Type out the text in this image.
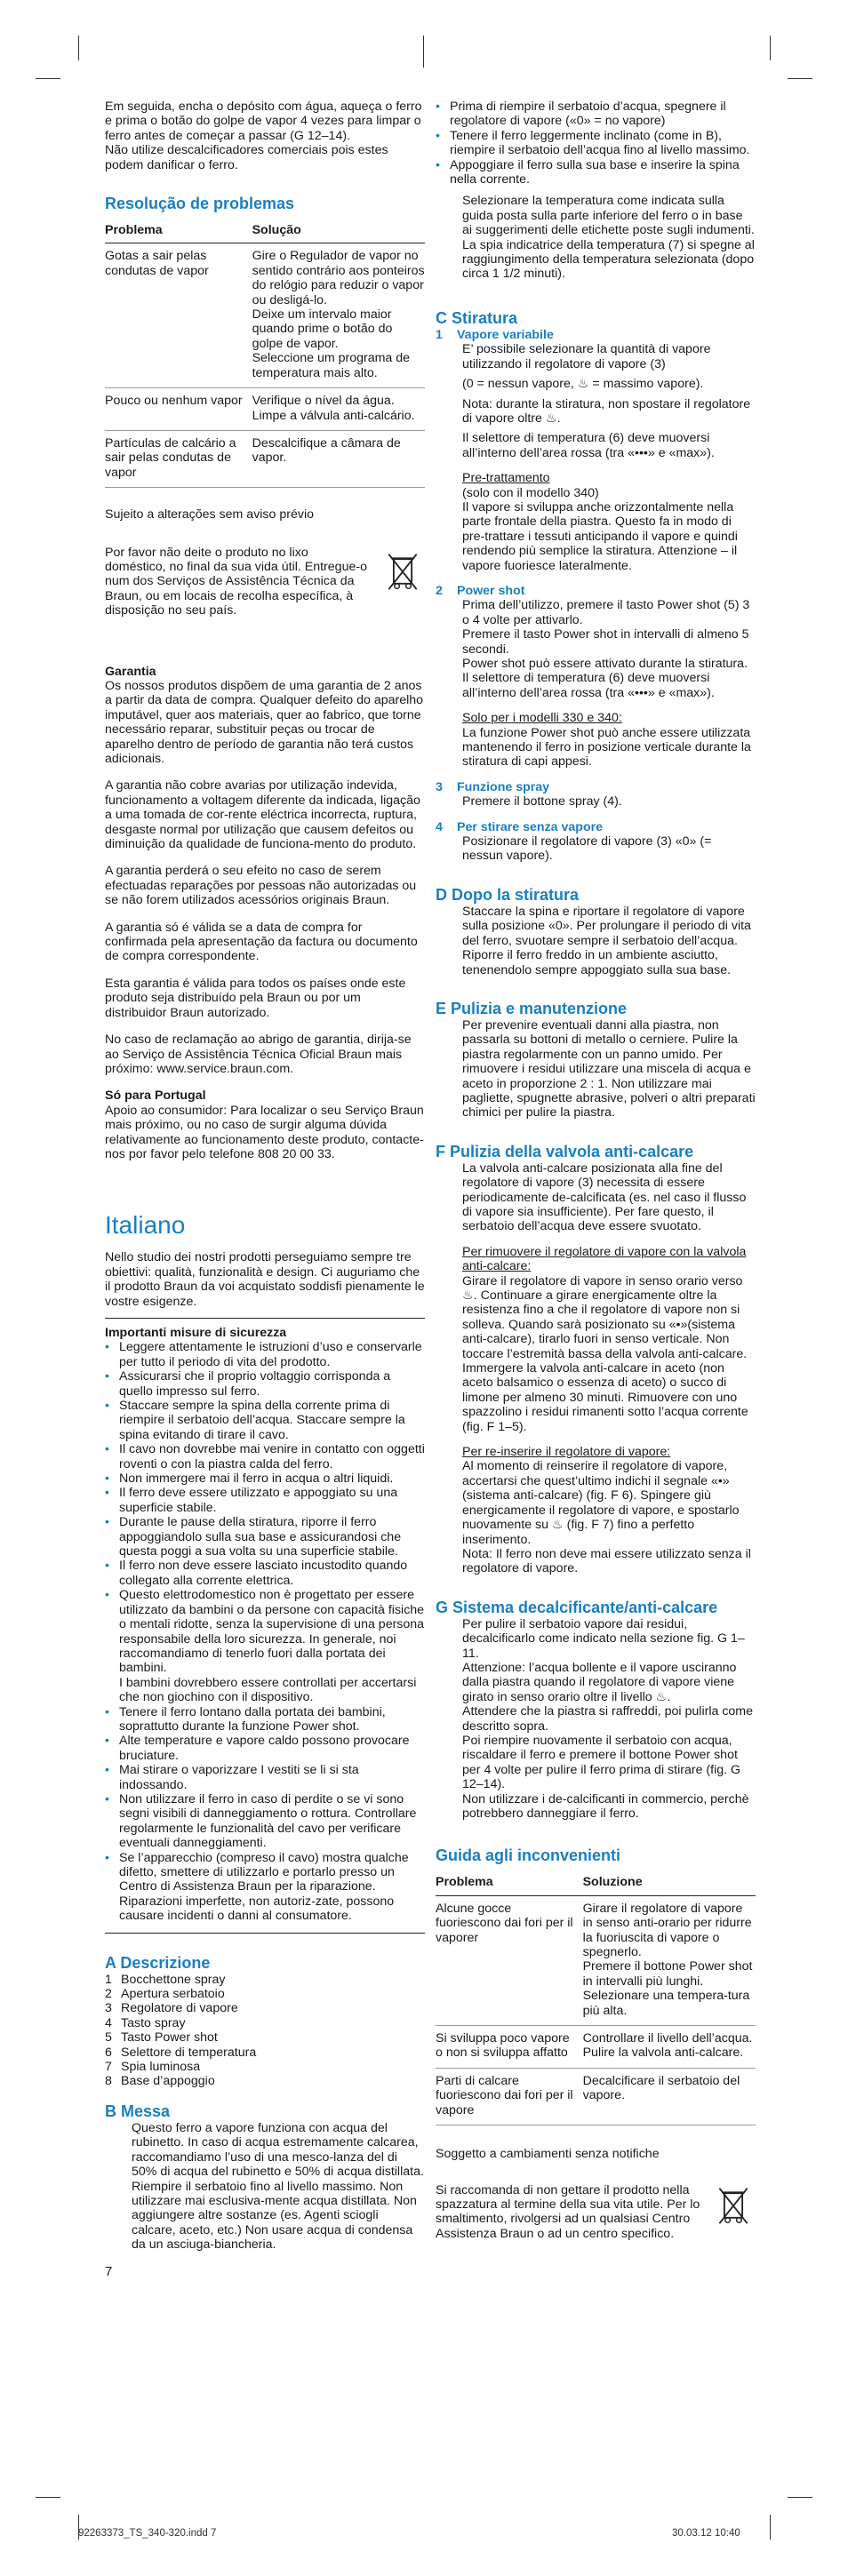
Em seguida, encha o depósito com água, aqueça o ferro e prima o botão do golpe de vapor 4 vezes para limpar o ferro antes de começar a passar (G 12–14).
Não utilize descalcificadores comerciais pois estes podem danificar o ferro.
Resolução de problemas
Problema	Solução
Gotas a sair pelas condutas de vapor	Gire o Regulador de vapor no sentido contrário aos ponteiros do relógio para reduzir o vapor ou desligá-lo.
Deixe um intervalo maior quando prime o botão do golpe de vapor.
Seleccione um programa de temperatura mais alto.
Pouco ou nenhum vapor	Verifique o nível da água. Limpe a válvula anti-calcário.
Partículas de calcário a sair pelas condutas de vapor	Descalcifique a câmara de vapor.
Sujeito a alterações sem aviso prévio
Por favor não deite o produto no lixo doméstico, no final da sua vida útil. Entregue-o num dos Serviços de Assistência Técnica da Braun, ou em locais de recolha específica, à disposição no seu país.
Garantia
Os nossos produtos dispõem de uma garantia de 2 anos a partir da data de compra. Qualquer defeito do aparelho imputável, quer aos materiais, quer ao fabrico, que torne necessário reparar, substituir peças ou trocar de aparelho dentro de período de garantia não terá custos adicionais.
A garantia não cobre avarias por utilização indevida, funcionamento a voltagem diferente da indicada, ligação a uma tomada de cor-rente eléctrica incorrecta, ruptura, desgaste normal por utilização que causem defeitos ou diminuição da qualidade de funciona-mento do produto.
A garantia perderá o seu efeito no caso de serem efectuadas reparações por pessoas não autorizadas ou se não forem utilizados acessórios originais Braun.
A garantia só é válida se a data de compra for confirmada pela apresentação da factura ou documento de compra correspondente.
Esta garantia é válida para todos os países onde este produto seja distribuído pela Braun ou por um distribuidor Braun autorizado.
No caso de reclamação ao abrigo de garantia, dirija-se ao Serviço de Assistência Técnica Oficial Braun mais próximo: www.service.braun.com.
Só para Portugal
Apoio ao consumidor: Para localizar o seu Serviço Braun mais próximo, ou no caso de surgir alguma dúvida relativamente ao funcionamento deste produto, contacte-nos por favor pelo telefone 808 20 00 33.
Italiano
Nello studio dei nostri prodotti perseguiamo sempre tre obiettivi: qualità, funzionalità e design. Ci auguriamo che il prodotto Braun da voi acquistato soddisfi pienamente le vostre esigenze.
Importanti misure di sicurezza
• Leggere attentamente le istruzioni d’uso e conservarle per tutto il periodo di vita del prodotto.
• Assicurarsi che il proprio voltaggio corrisponda a quello impresso sul ferro.
• Staccare sempre la spina della corrente prima di riempire il serbatoio dell’acqua. Staccare sempre la spina evitando di tirare il cavo.
• Il cavo non dovrebbe mai venire in contatto con oggetti roventi o con la piastra calda del ferro.
• Non immergere mai il ferro in acqua o altri liquidi.
• Il ferro deve essere utilizzato e appoggiato su una superficie stabile.
• Durante le pause della stiratura, riporre il ferro appoggiandolo sulla sua base e assicurandosi che questa poggi a sua volta su una superficie stabile.
• Il ferro non deve essere lasciato incustodito quando collegato alla corrente elettrica.
• Questo elettrodomestico non è progettato per essere utilizzato da bambini o da persone con capacità fisiche o mentali ridotte, senza la supervisione di una persona responsabile della loro sicurezza. In generale, noi raccomandiamo di tenerlo fuori dalla portata dei bambini.
I bambini dovrebbero essere controllati per accertarsi che non giochino con il dispositivo.
• Tenere il ferro lontano dalla portata dei bambini, soprattutto durante la funzione Power shot.
• Alte temperature e vapore caldo possono provocare bruciature.
• Mai stirare o vaporizzare I vestiti se li si sta indossando.
• Non utilizzare il ferro in caso di perdite o se vi sono segni visibili di danneggiamento o rottura. Controllare regolarmente le funzionalità del cavo per verificare eventuali danneggiamenti.
• Se l’apparecchio (compreso il cavo) mostra qualche difetto, smettere di utilizzarlo e portarlo presso un Centro di Assistenza Braun per la riparazione. Riparazioni imperfette, non autoriz-zate, possono causare incidenti o danni al consumatore.
A Descrizione
1 Bocchettone spray
2 Apertura serbatoio
3 Regolatore di vapore
4 Tasto spray
5 Tasto Power shot
6 Selettore di temperatura
7 Spia luminosa
8 Base d’appoggio
B Messa
Questo ferro a vapore funziona con acqua del rubinetto. In caso di acqua estremamente calcarea, raccomandiamo l’uso di una mesco-lanza del di 50% di acqua del rubinetto e 50% di acqua distillata. Riempire il serbatoio fino al livello massimo. Non utilizzare mai esclusiva-mente acqua distillata. Non aggiungere altre sostanze (es. Agenti sciogli calcare, aceto, etc.) Non usare acqua di condensa da un asciuga-biancheria.
7
• Prima di riempire il serbatoio d’acqua, spegnere il regolatore di vapore («0» = no vapore)
• Tenere il ferro leggermente inclinato (come in B), riempire il serbatoio dell’acqua fino al livello massimo.
• Appoggiare il ferro sulla sua base e inserire la spina nella corrente.
Selezionare la temperatura come indicata sulla guida posta sulla parte inferiore del ferro o in base ai suggerimenti delle etichette poste sugli indumenti.
La spia indicatrice della temperatura (7) si spegne al raggiungimento della temperatura selezionata (dopo circa 1 1/2 minuti).
C Stiratura
1 Vapore variabile
E’ possibile selezionare la quantità di vapore utilizzando il regolatore di vapore (3)
(0 = nessun vapore, ♨ = massimo vapore).
Nota: durante la stiratura, non spostare il regolatore di vapore oltre ♨.
Il selettore di temperatura (6) deve muoversi all’interno dell’area rossa (tra «•••» e «max»).
Pre-trattamento
(solo con il modello 340)
Il vapore si sviluppa anche orizzontalmente nella parte frontale della piastra. Questo fa in modo di pre-trattare i tessuti anticipando il vapore e quindi rendendo più semplice la stiratura. Attenzione – il vapore fuoriesce lateralmente.
2 Power shot
Prima dell’utilizzo, premere il tasto Power shot (5) 3 o 4 volte per attivarlo.
Premere il tasto Power shot in intervalli di almeno 5 secondi.
Power shot può essere attivato durante la stiratura.
Il selettore di temperatura (6) deve muoversi all’interno dell’area rossa (tra «•••» e «max»).
Solo per i modelli 330 e 340:
La funzione Power shot può anche essere utilizzata mantenendo il ferro in posizione verticale durante la stiratura di capi appesi.
3 Funzione spray
Premere il bottone spray (4).
4 Per stirare senza vapore
Posizionare il regolatore di vapore (3) «0» (= nessun vapore).
D Dopo la stiratura
Staccare la spina e riportare il regolatore di vapore sulla posizione «0». Per prolungare il periodo di vita del ferro, svuotare sempre il serbatoio dell’acqua. Riporre il ferro freddo in un ambiente asciutto, tenenendolo sempre appoggiato sulla sua base.
E Pulizia e manutenzione
Per prevenire eventuali danni alla piastra, non passarla su bottoni di metallo o cerniere. Pulire la piastra regolarmente con un panno umido. Per rimuovere i residui utilizzare una miscela di acqua e aceto in proporzione 2 : 1. Non utilizzare mai pagliette, spugnette abrasive, polveri o altri preparati chimici per pulire la piastra.
F Pulizia della valvola anti-calcare
La valvola anti-calcare posizionata alla fine del regolatore di vapore (3) necessita di essere periodicamente de-calcificata (es. nel caso il flusso di vapore sia insufficiente). Per fare questo, il serbatoio dell’acqua deve essere svuotato.
Per rimuovere il regolatore di vapore con la valvola anti-calcare:
Girare il regolatore di vapore in senso orario verso ♨. Continuare a girare energicamente oltre la resistenza fino a che il regolatore di vapore non si solleva. Quando sarà posizionato su «•»(sistema anti-calcare), tirarlo fuori in senso verticale. Non toccare l’estremità bassa della valvola anti-calcare. Immergere la valvola anti-calcare in aceto (non aceto balsamico o essenza di aceto) o succo di limone per almeno 30 minuti. Rimuovere con uno spazzolino i residui rimanenti sotto l’acqua corrente (fig. F 1–5).
Per re-inserire il regolatore di vapore:
Al momento di reinserire il regolatore di vapore, accertarsi che quest’ultimo indichi il segnale «•» (sistema anti-calcare) (fig. F 6). Spingere giù energicamente il regolatore di vapore, e spostarlo nuovamente su ♨ (fig. F 7) fino a perfetto inserimento.
Nota: Il ferro non deve mai essere utilizzato senza il regolatore di vapore.
G Sistema decalcificante/anti-calcare
Per pulire il serbatoio vapore dai residui, decalcificarlo come indicato nella sezione fig. G 1–11.
Attenzione: l’acqua bollente e il vapore usciranno dalla piastra quando il regolatore di vapore viene girato in senso orario oltre il livello ♨.
Attendere che la piastra si raffreddi, poi pulirla come descritto sopra.
Poi riempire nuovamente il serbatoio con acqua, riscaldare il ferro e premere il bottone Power shot per 4 volte per pulire il ferro prima di stirare (fig. G 12–14).
Non utilizzare i de-calcificanti in commercio, perchè potrebbero danneggiare il ferro.
Guida agli inconvenienti
Problema	Soluzione
Alcune gocce fuoriescono dai fori per il vaporer	Girare il regolatore di vapore in senso anti-orario per ridurre la fuoriuscita di vapore o spegnerlo.
Premere il bottone Power shot in intervalli più lunghi. Selezionare una tempera-tura più alta.
Si sviluppa poco vapore o non si sviluppa affatto	Controllare il livello dell’acqua. Pulire la valvola anti-calcare.
Parti di calcare fuoriescono dai fori per il vapore	Decalcificare il serbatoio del vapore.
Soggetto a cambiamenti senza notifiche
Si raccomanda di non gettare il prodotto nella spazzatura al termine della sua vita utile. Per lo smaltimento, rivolgersi ad un qualsiasi Centro Assistenza Braun o ad un centro specifico.
92263373_TS_340-320.indd 7	30.03.12 10:40
